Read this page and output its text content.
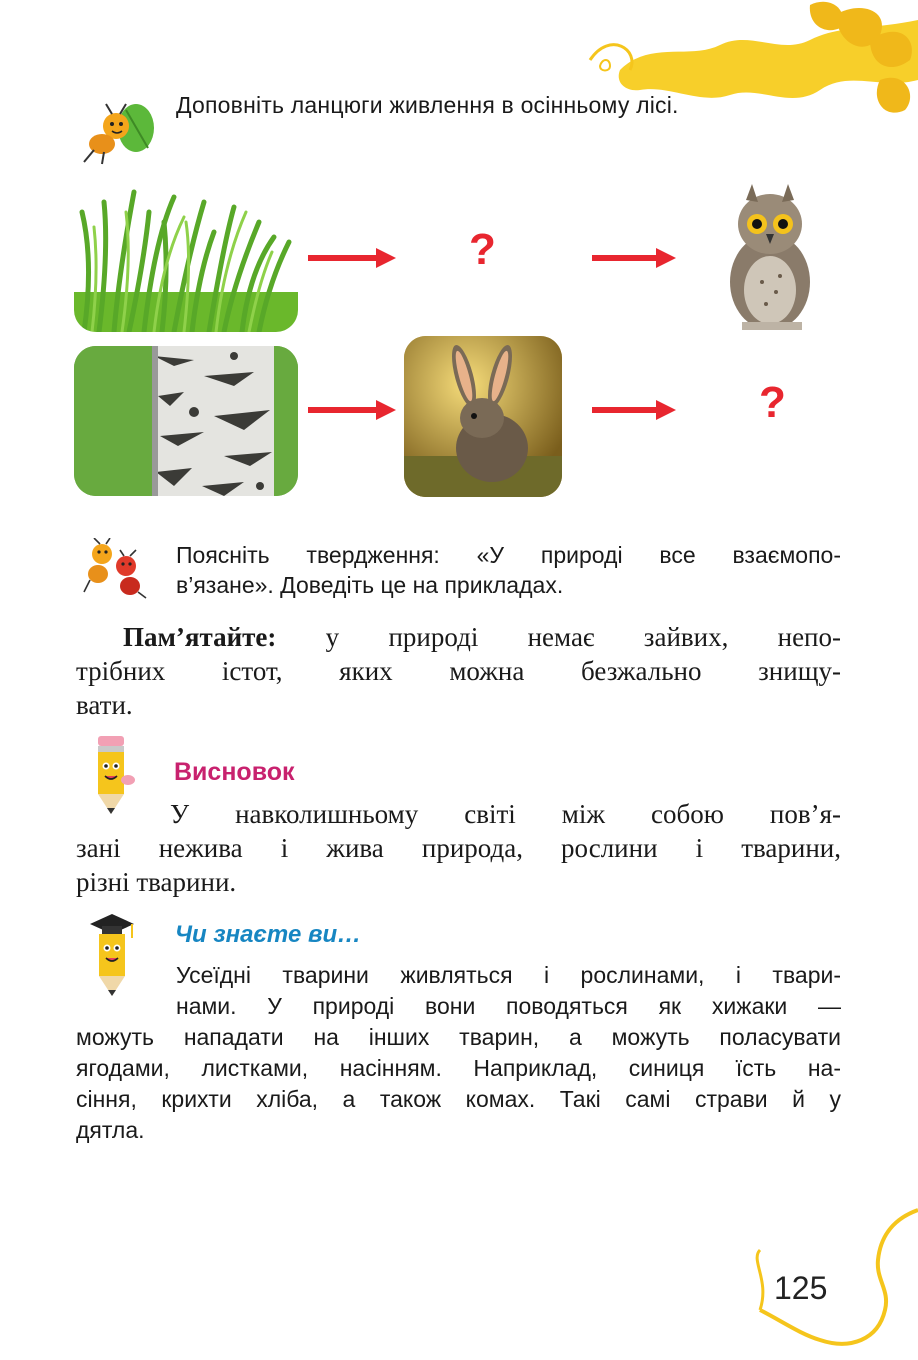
Доповніть ланцюги живлення в осінньому лісі.
?
?
Поясніть твердження: «У природі все взаємопо-
в’язане». Доведіть це на прикладах.
Пам’ятайте: у природі немає зайвих, непо-
трібних істот, яких можна безжально знищу-
вати.
Висновок
У навколишньому світі між собою пов’я-
зані нежива і жива природа, рослини і тварини,
різні тварини.
Чи знаєте ви…
Усеїдні тварини живляться і рослинами, і твари-
нами. У природі вони поводяться як хижаки —
можуть нападати на інших тварин, а можуть поласувати
ягодами, листками, насінням. Наприклад, синиця їсть на-
сіння, крихти хліба, а також комах. Такі самі страви й у
дятла.
125
